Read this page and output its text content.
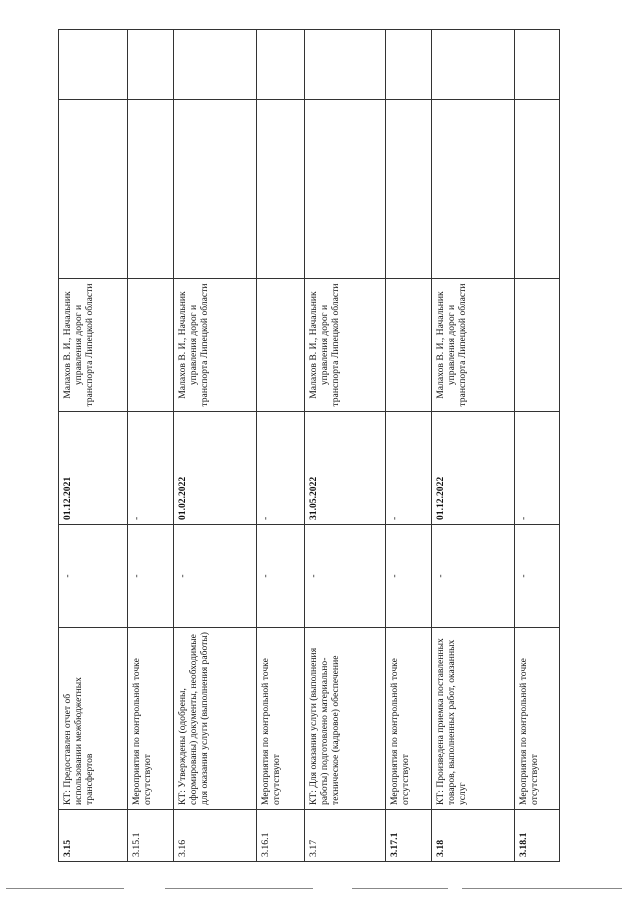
3.15	КТ: Предоставлен отчет об использовании межбюджетных трансфертов	-	01.12.2021	Малахов В. И., Начальник управления дорог и транспорта Липецкой области		
3.15.1	Мероприятия по контрольной точке отсутствуют	-	-			
3.16	КТ: Утверждены (одобрены, сформированы) документы, необходимые для оказания услуги (выполнения работы)	-	01.02.2022	Малахов В. И., Начальник управления дорог и транспорта Липецкой области		
3.16.1	Мероприятия по контрольной точке отсутствуют	-	-			
3.17	КТ: Для оказания услуги (выполнения работы) подготовлено материально-техническое (кадровое) обеспечение	-	31.05.2022	Малахов В. И., Начальник управления дорог и транспорта Липецкой области		
3.17.1	Мероприятия по контрольной точке отсутствуют	-	-			
3.18	КТ: Произведена приемка поставленных товаров, выполненных работ, оказанных услуг	-	01.12.2022	Малахов В. И., Начальник управления дорог и транспорта Липецкой области		
3.18.1	Мероприятия по контрольной точке отсутствуют	-	-			
